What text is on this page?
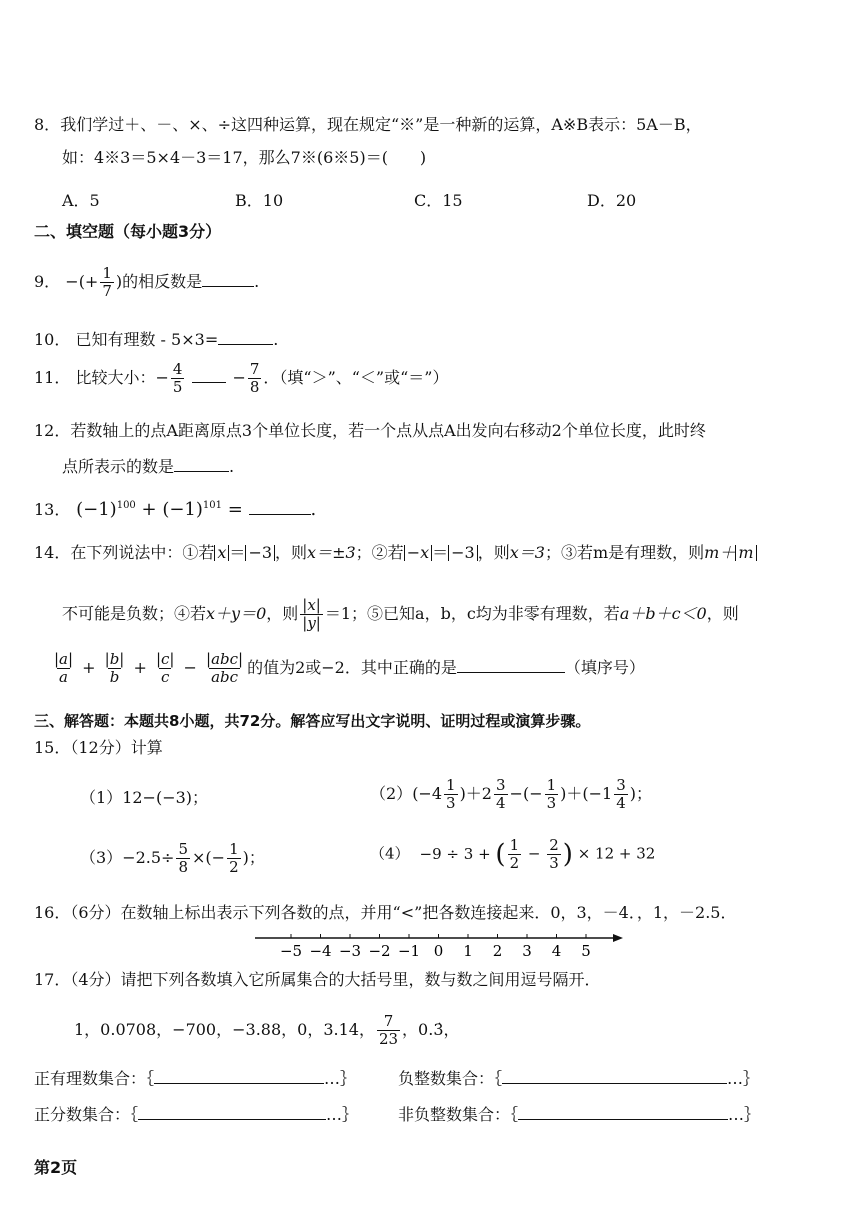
8．我们学过＋、－、×、÷这四种运算，现在规定“※”是一种新的运算，A※B表示：5A－B，
如：4※3＝5×4－3＝17，那么7※(6※5)＝(　　)
A．5	B．10	C．15	D．20
二、填空题（每小题3分）
9． −(+ $\frac{1}{7}$ )的相反数是	.
10． 已知有理数 - 5×3=	.
11． 比较大小：− $\frac{4}{5}$	− $\frac{7}{8}$ ．（填“＞”、“＜”或“＝”）
12．若数轴上的点A距离原点3个单位长度，若一个点从点A出发向右移动2个单位长度，此时终
点所表示的数是	.
13． $(-1)^{100} + (-1)^{101}$ =	.
14．在下列说法中：①若 x ＝ −3 ，则x＝±3；②若 −x ＝ −3 ，则x＝3；③若m是有理数，则m＋ m
不可能是负数；④若x＋y＝0，则 $\frac{|x|}{|y|} =1$；⑤已知a，b，c均为非零有理数，若a＋b＋c＜0，则
$\frac{|a|}{a} + \frac{|b|}{b} + \frac{|c|}{c} - \frac{\text{|abc|}}{\text{abc}}$ 的值为2或−2．其中正确的是	（填序号）
三、解答题：本题共8小题，共72分。解答应写出文字说明、证明过程或演算步骤。
15．（12分）计算
（1）12−(−3)；	$(2)(-4 \frac{1}{3} )+2 \frac{3}{4}$ −(− $\frac{1}{3} )+(-1 \frac{3}{4}$ )；
$(3)-2.5\div \frac{5}{8}$ ×(− $\frac{1}{2}$ )；	（4） −9 ÷ 3 + ( $\frac{1}{2} - \frac{2}{3}$ ) × 12 + 32
16．（6分）在数轴上标出表示下列各数的点，并用“<”把各数连接起来．0，3，－4．，1，－2.5．
−5 −4 −3 −2 −1 0 1 2 3 4 5
17．（4分）请把下列各数填入它所属集合的大括号里，数与数之间用逗号隔开．
1，0.0708，−700，−3.88，0，3.14， $\frac{7}{23}$ ，0.3̇，
正有理数集合：｛	…｝	负整数集合：｛	…｝
正分数集合：｛	…｝ 非负整数集合：｛	…｝
第2页
